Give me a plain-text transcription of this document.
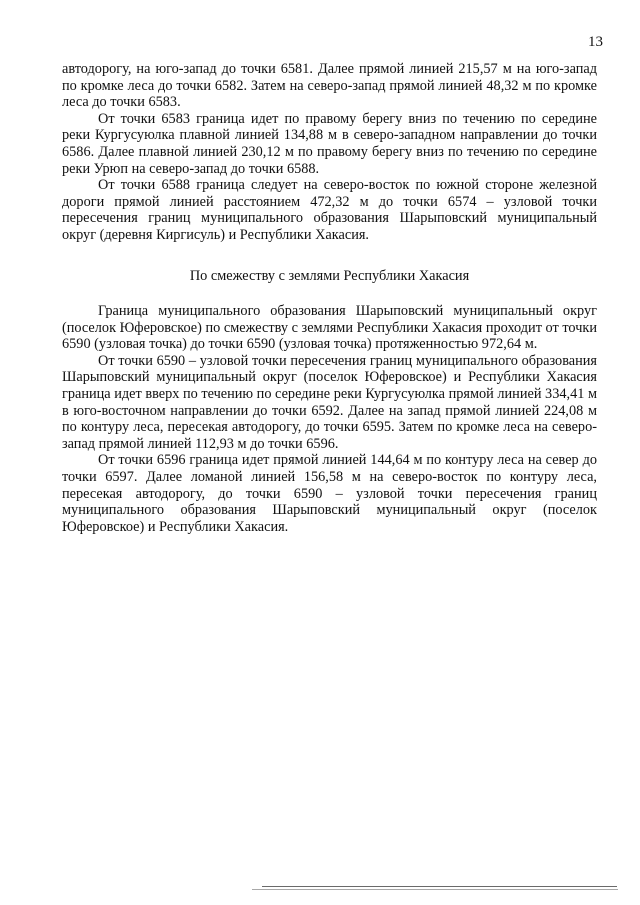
13

автодорогу, на юго-запад до точки 6581. Далее прямой линией 215,57 м на юго-запад по кромке леса до точки 6582. Затем на северо-запад прямой линией 48,32 м по кромке леса до точки 6583.

От точки 6583 граница идет по правому берегу вниз по течению по середине реки Кургусуюлка плавной линией 134,88 м в северо-западном направлении до точки 6586. Далее плавной линией 230,12 м по правому берегу вниз по течению по середине реки Урюп на северо-запад до точки 6588.

От точки 6588 граница следует на северо-восток по южной стороне железной дороги прямой линией расстоянием 472,32 м до точки 6574 – узловой точки пересечения границ муниципального образования Шарыповский муниципальный округ (деревня Киргисуль) и Республики Хакасия.

По смежеству с землями Республики Хакасия

Граница муниципального образования Шарыповский муниципальный округ (поселок Юферовское) по смежеству с землями Республики Хакасия проходит от точки 6590 (узловая точка) до точки 6590 (узловая точка) протяженностью 972,64 м.

От точки 6590 – узловой точки пересечения границ муниципального образования Шарыповский муниципальный округ (поселок Юферовское) и Республики Хакасия граница идет вверх по течению по середине реки Кургусуюлка прямой линией 334,41 м в юго-восточном направлении до точки 6592. Далее на запад прямой линией 224,08 м по контуру леса, пересекая автодорогу, до точки 6595. Затем по кромке леса на северо-запад прямой линией 112,93 м до точки 6596.

От точки 6596 граница идет прямой линией 144,64 м по контуру леса на север до точки 6597. Далее ломаной линией 156,58 м на северо-восток по контуру леса, пересекая автодорогу, до точки 6590 – узловой точки пересечения границ муниципального образования Шарыповский муниципальный округ (поселок Юферовское) и Республики Хакасия.
